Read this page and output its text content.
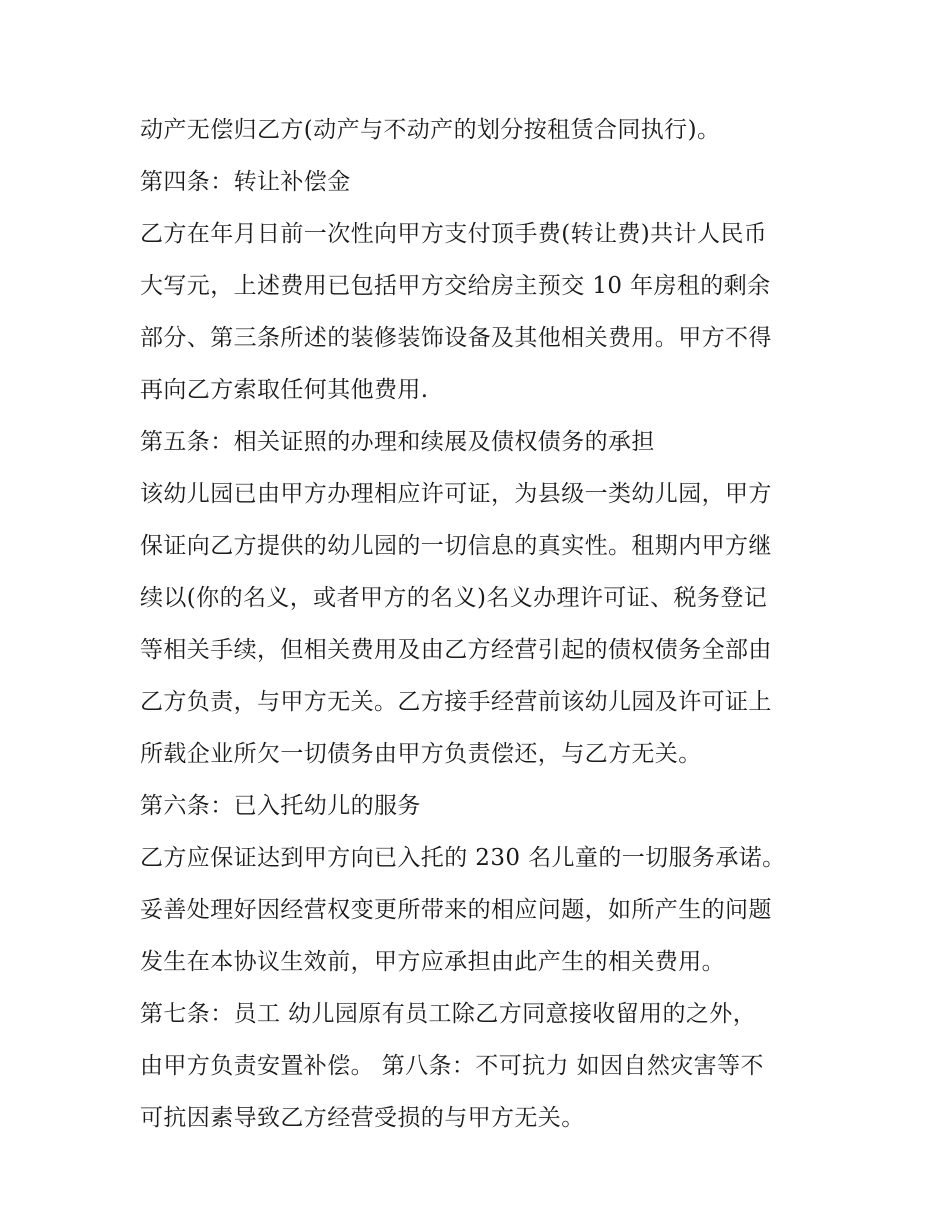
动产无偿归乙方(动产与不动产的划分按租赁合同执行)。
第四条：转让补偿金
乙方在年月日前一次性向甲方支付顶手费(转让费)共计人民币
大写元，上述费用已包括甲方交给房主预交 10 年房租的剩余
部分、第三条所述的装修装饰设备及其他相关费用。甲方不得
再向乙方索取任何其他费用.
第五条：相关证照的办理和续展及债权债务的承担
该幼儿园已由甲方办理相应许可证，为县级一类幼儿园，甲方
保证向乙方提供的幼儿园的一切信息的真实性。租期内甲方继
续以(你的名义，或者甲方的名义)名义办理许可证、税务登记
等相关手续，但相关费用及由乙方经营引起的债权债务全部由
乙方负责，与甲方无关。乙方接手经营前该幼儿园及许可证上
所载企业所欠一切债务由甲方负责偿还，与乙方无关。
第六条：已入托幼儿的服务
乙方应保证达到甲方向已入托的 230 名儿童的一切服务承诺。
妥善处理好因经营权变更所带来的相应问题，如所产生的问题
发生在本协议生效前，甲方应承担由此产生的相关费用。
第七条：员工 幼儿园原有员工除乙方同意接收留用的之外，
由甲方负责安置补偿。 第八条：不可抗力 如因自然灾害等不
可抗因素导致乙方经营受损的与甲方无关。
